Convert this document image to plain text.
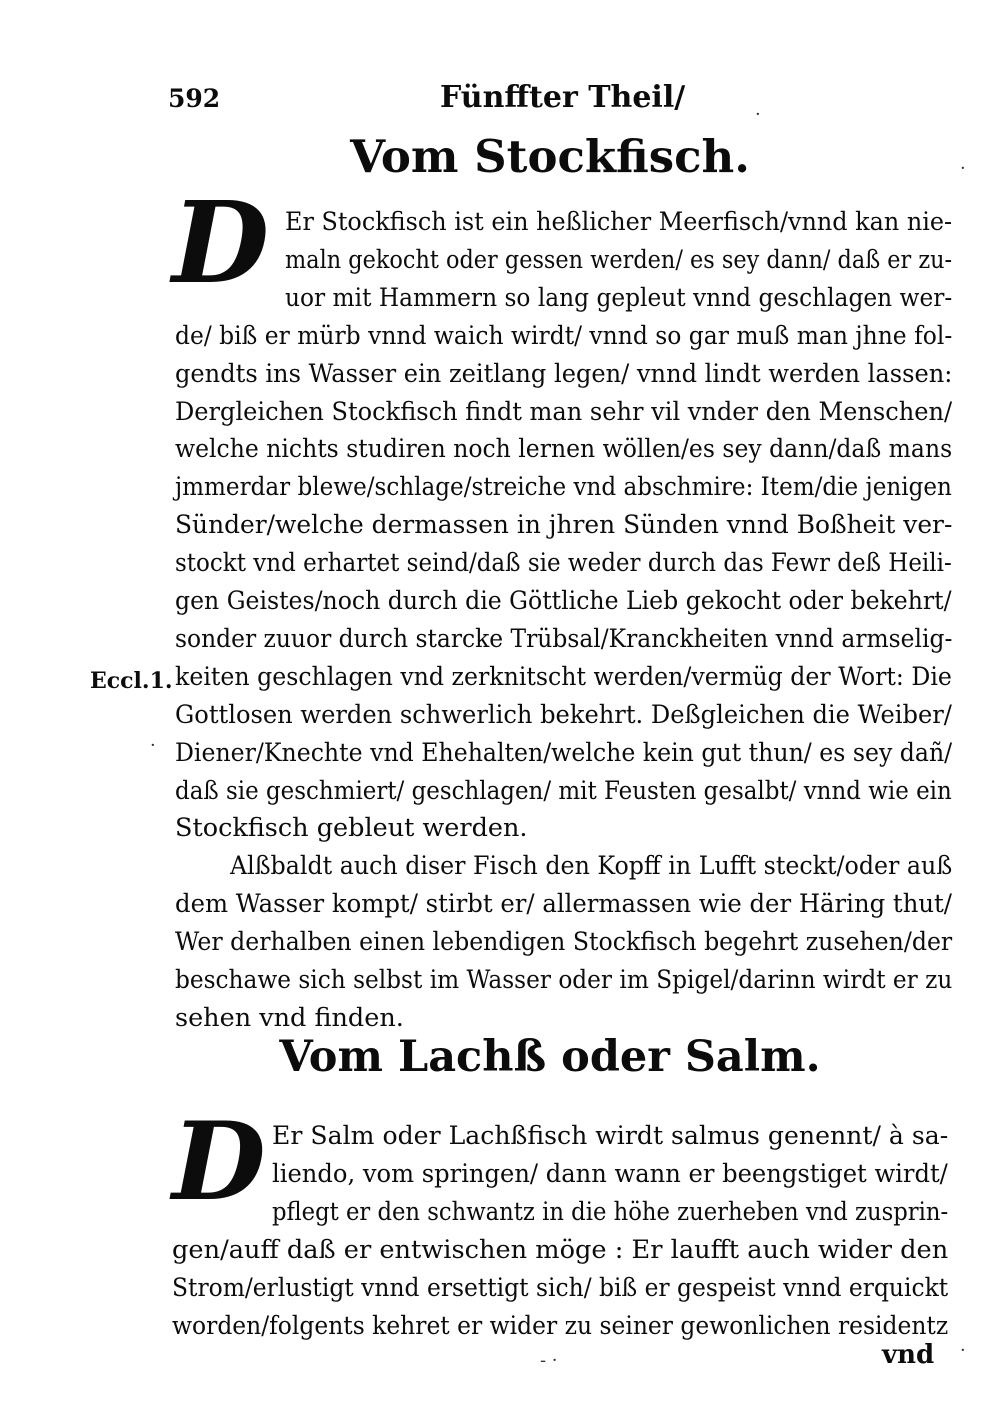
592	Fünffter Theil/
Vom Stockfisch.
D Er Stockfisch ist ein heßlicher Meerfisch/vnnd kan nie-
maln gekocht oder gessen werden/ es sey dann/ daß er zu-
uor mit Hammern so lang gepleut vnnd geschlagen wer-
de/ biß er mürb vnnd waich wirdt/ vnnd so gar muß man jhne fol-
gendts ins Wasser ein zeitlang legen/ vnnd lindt werden lassen:
Dergleichen Stockfisch findt man sehr vil vnder den Menschen/
welche nichts studiren noch lernen wöllen/es sey dann/daß mans
jmmerdar blewe/schlage/streiche vnd abschmire: Item/die jenigen
Sünder/welche dermassen in jhren Sünden vnnd Boßheit ver-
stockt vnd erhartet seind/daß sie weder durch das Fewr deß Heili-
gen Geistes/noch durch die Göttliche Lieb gekocht oder bekehrt/
sonder zuuor durch starcke Trübsal/Kranckheiten vnnd armselig-
keiten geschlagen vnd zerknitscht werden/vermüg der Wort: Die
Gottlosen werden schwerlich bekehrt. Deßgleichen die Weiber/
Diener/Knechte vnd Ehehalten/welche kein gut thun/ es sey dañ/
daß sie geschmiert/ geschlagen/ mit Feusten gesalbt/ vnnd wie ein
Stockfisch gebleut werden.
Alßbaldt auch diser Fisch den Kopff in Lufft steckt/oder auß
dem Wasser kompt/ stirbt er/ allermassen wie der Häring thut/
Wer derhalben einen lebendigen Stockfisch begehrt zusehen/der
beschawe sich selbst im Wasser oder im Spigel/darinn wirdt er zu
sehen vnd finden.
Eccl.1.
Vom Lachß oder Salm.
D Er Salm oder Lachßfisch wirdt salmus genennt/ à sa-
liendo, vom springen/ dann wann er beengstiget wirdt/
pflegt er den schwantz in die höhe zuerheben vnd zusprin-
gen/auff daß er entwischen möge : Er laufft auch wider den
Strom/erlustigt vnnd ersettigt sich/ biß er gespeist vnnd erquickt
worden/folgents kehret er wider zu seiner gewonlichen residentz
vnd
·
·
·
·
- ·
